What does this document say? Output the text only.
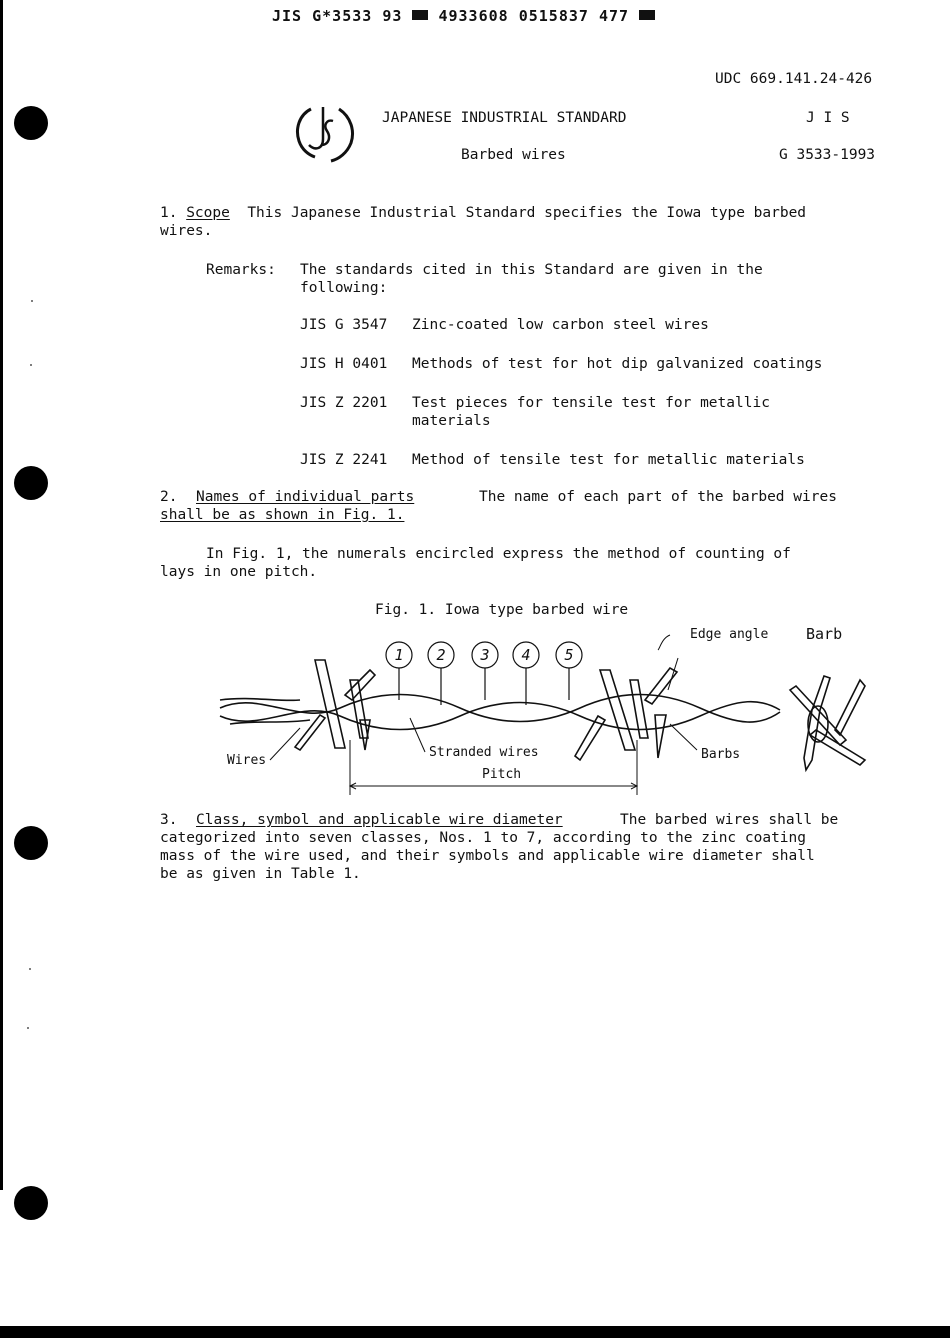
JIS G*3533 93 4933608 0515837 477
UDC 669.141.24-426
JAPANESE INDUSTRIAL STANDARD	J I S
Barbed wires	G 3533-1993
1. Scope This Japanese Industrial Standard specifies the Iowa type barbed
wires.
Remarks: The standards cited in this Standard are given in the
following:
JIS G 3547 Zinc-coated low carbon steel wires
JIS H 0401 Methods of test for hot dip galvanized coatings
JIS Z 2201 Test pieces for tensile test for metallic
materials
JIS Z 2241 Method of tensile test for metallic materials
2. Names of individual parts	The name of each part of the barbed wires
shall be as shown in Fig. 1.
In Fig. 1, the numerals encircled express the method of counting of
lays in one pitch.
Fig. 1. Iowa type barbed wire
1 2 3 4 5
Edge angle
Wires
Stranded wires	Barbs
Pitch
Barb
3. Class, symbol and applicable wire diameter	The barbed wires shall be
categorized into seven classes, Nos. 1 to 7, according to the zinc coating
mass of the wire used, and their symbols and applicable wire diameter shall
be as given in Table 1.
